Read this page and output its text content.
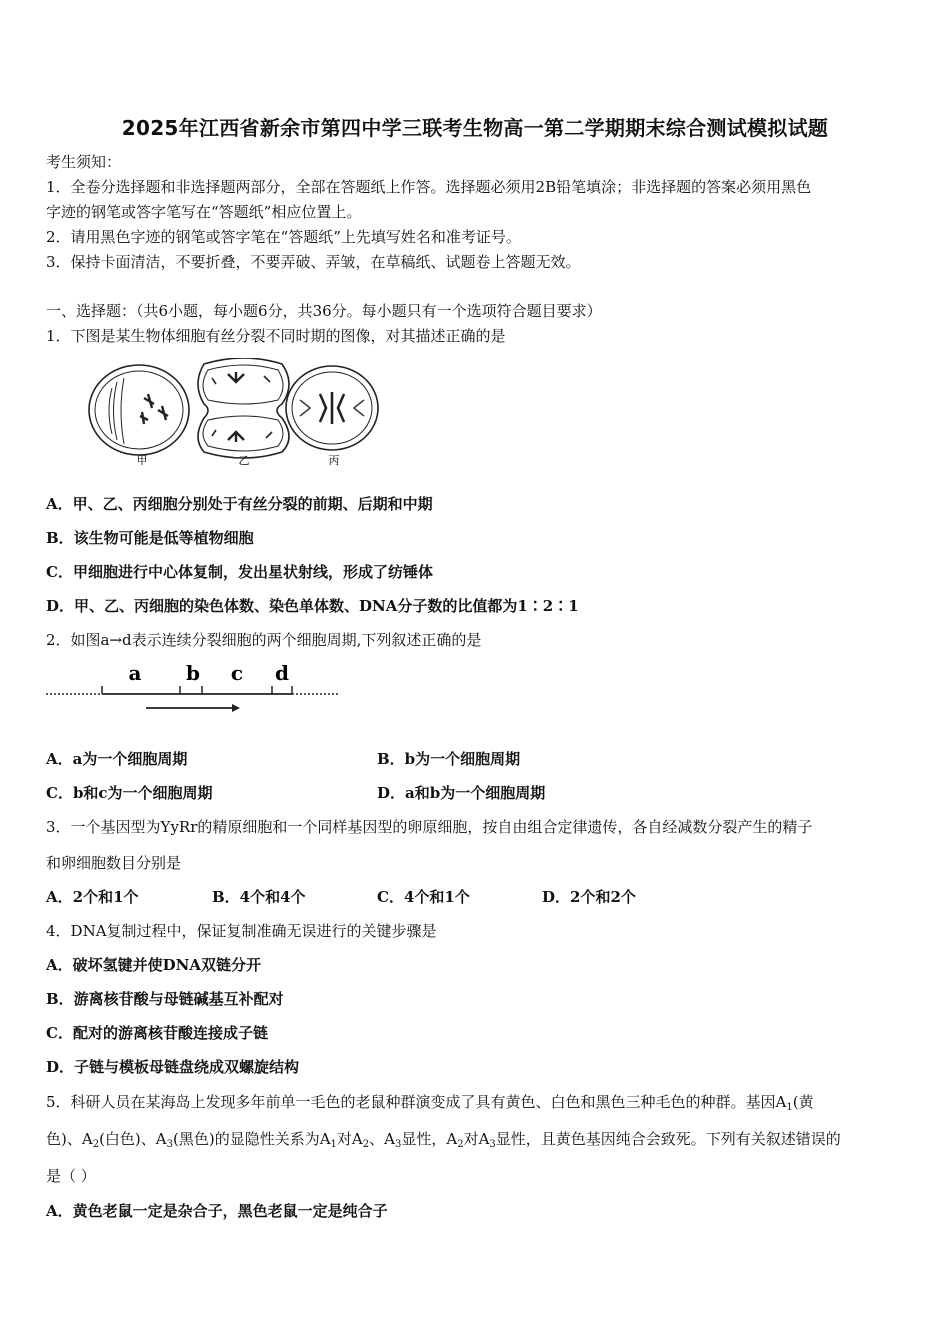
2025年江西省新余市第四中学三联考生物高一第二学期期末综合测试模拟试题
考生须知：
1．全卷分选择题和非选择题两部分，全部在答题纸上作答。选择题必须用2B铅笔填涂；非选择题的答案必须用黑色
字迹的钢笔或答字笔写在“答题纸”相应位置上。
2．请用黑色字迹的钢笔或答字笔在“答题纸”上先填写姓名和准考证号。
3．保持卡面清洁，不要折叠，不要弄破、弄皱，在草稿纸、试题卷上答题无效。
一、选择题：（共6小题，每小题6分，共36分。每小题只有一个选项符合题目要求）
1．下图是某生物体细胞有丝分裂不同时期的图像，对其描述正确的是
甲	乙	丙
A．甲、乙、丙细胞分别处于有丝分裂的前期、后期和中期
B．该生物可能是低等植物细胞
C．甲细胞进行中心体复制，发出星状射线，形成了纺锤体
D．甲、乙、丙细胞的染色体数、染色单体数、DNA分子数的比值都为1∶2∶1
2．如图a→d表示连续分裂细胞的两个细胞周期,下列叙述正确的是
a b c d
A．a为一个细胞周期	B．b为一个细胞周期
C．b和c为一个细胞周期	D．a和b为一个细胞周期
3．一个基因型为YyRr的精原细胞和一个同样基因型的卵原细胞，按自由组合定律遗传，各自经减数分裂产生的精子
和卵细胞数目分别是
A．2个和1个	B．4个和4个	C．4个和1个	D．2个和2个
4．DNA复制过程中，保证复制准确无误进行的关键步骤是
A．破坏氢键并使DNA双链分开
B．游离核苷酸与母链碱基互补配对
C．配对的游离核苷酸连接成子链
D．子链与模板母链盘绕成双螺旋结构
5．科研人员在某海岛上发现多年前单一毛色的老鼠种群演变成了具有黄色、白色和黑色三种毛色的种群。基因$A_1$(黄
色)、$A_2$(白色)、$A_3$(黑色)的显隐性关系为$A_1$对$A_2$、$A_3$显性，$A_2$对$A_3$显性，且黄色基因纯合会致死。下列有关叙述错误的
是（ ）
A．黄色老鼠一定是杂合子，黑色老鼠一定是纯合子
